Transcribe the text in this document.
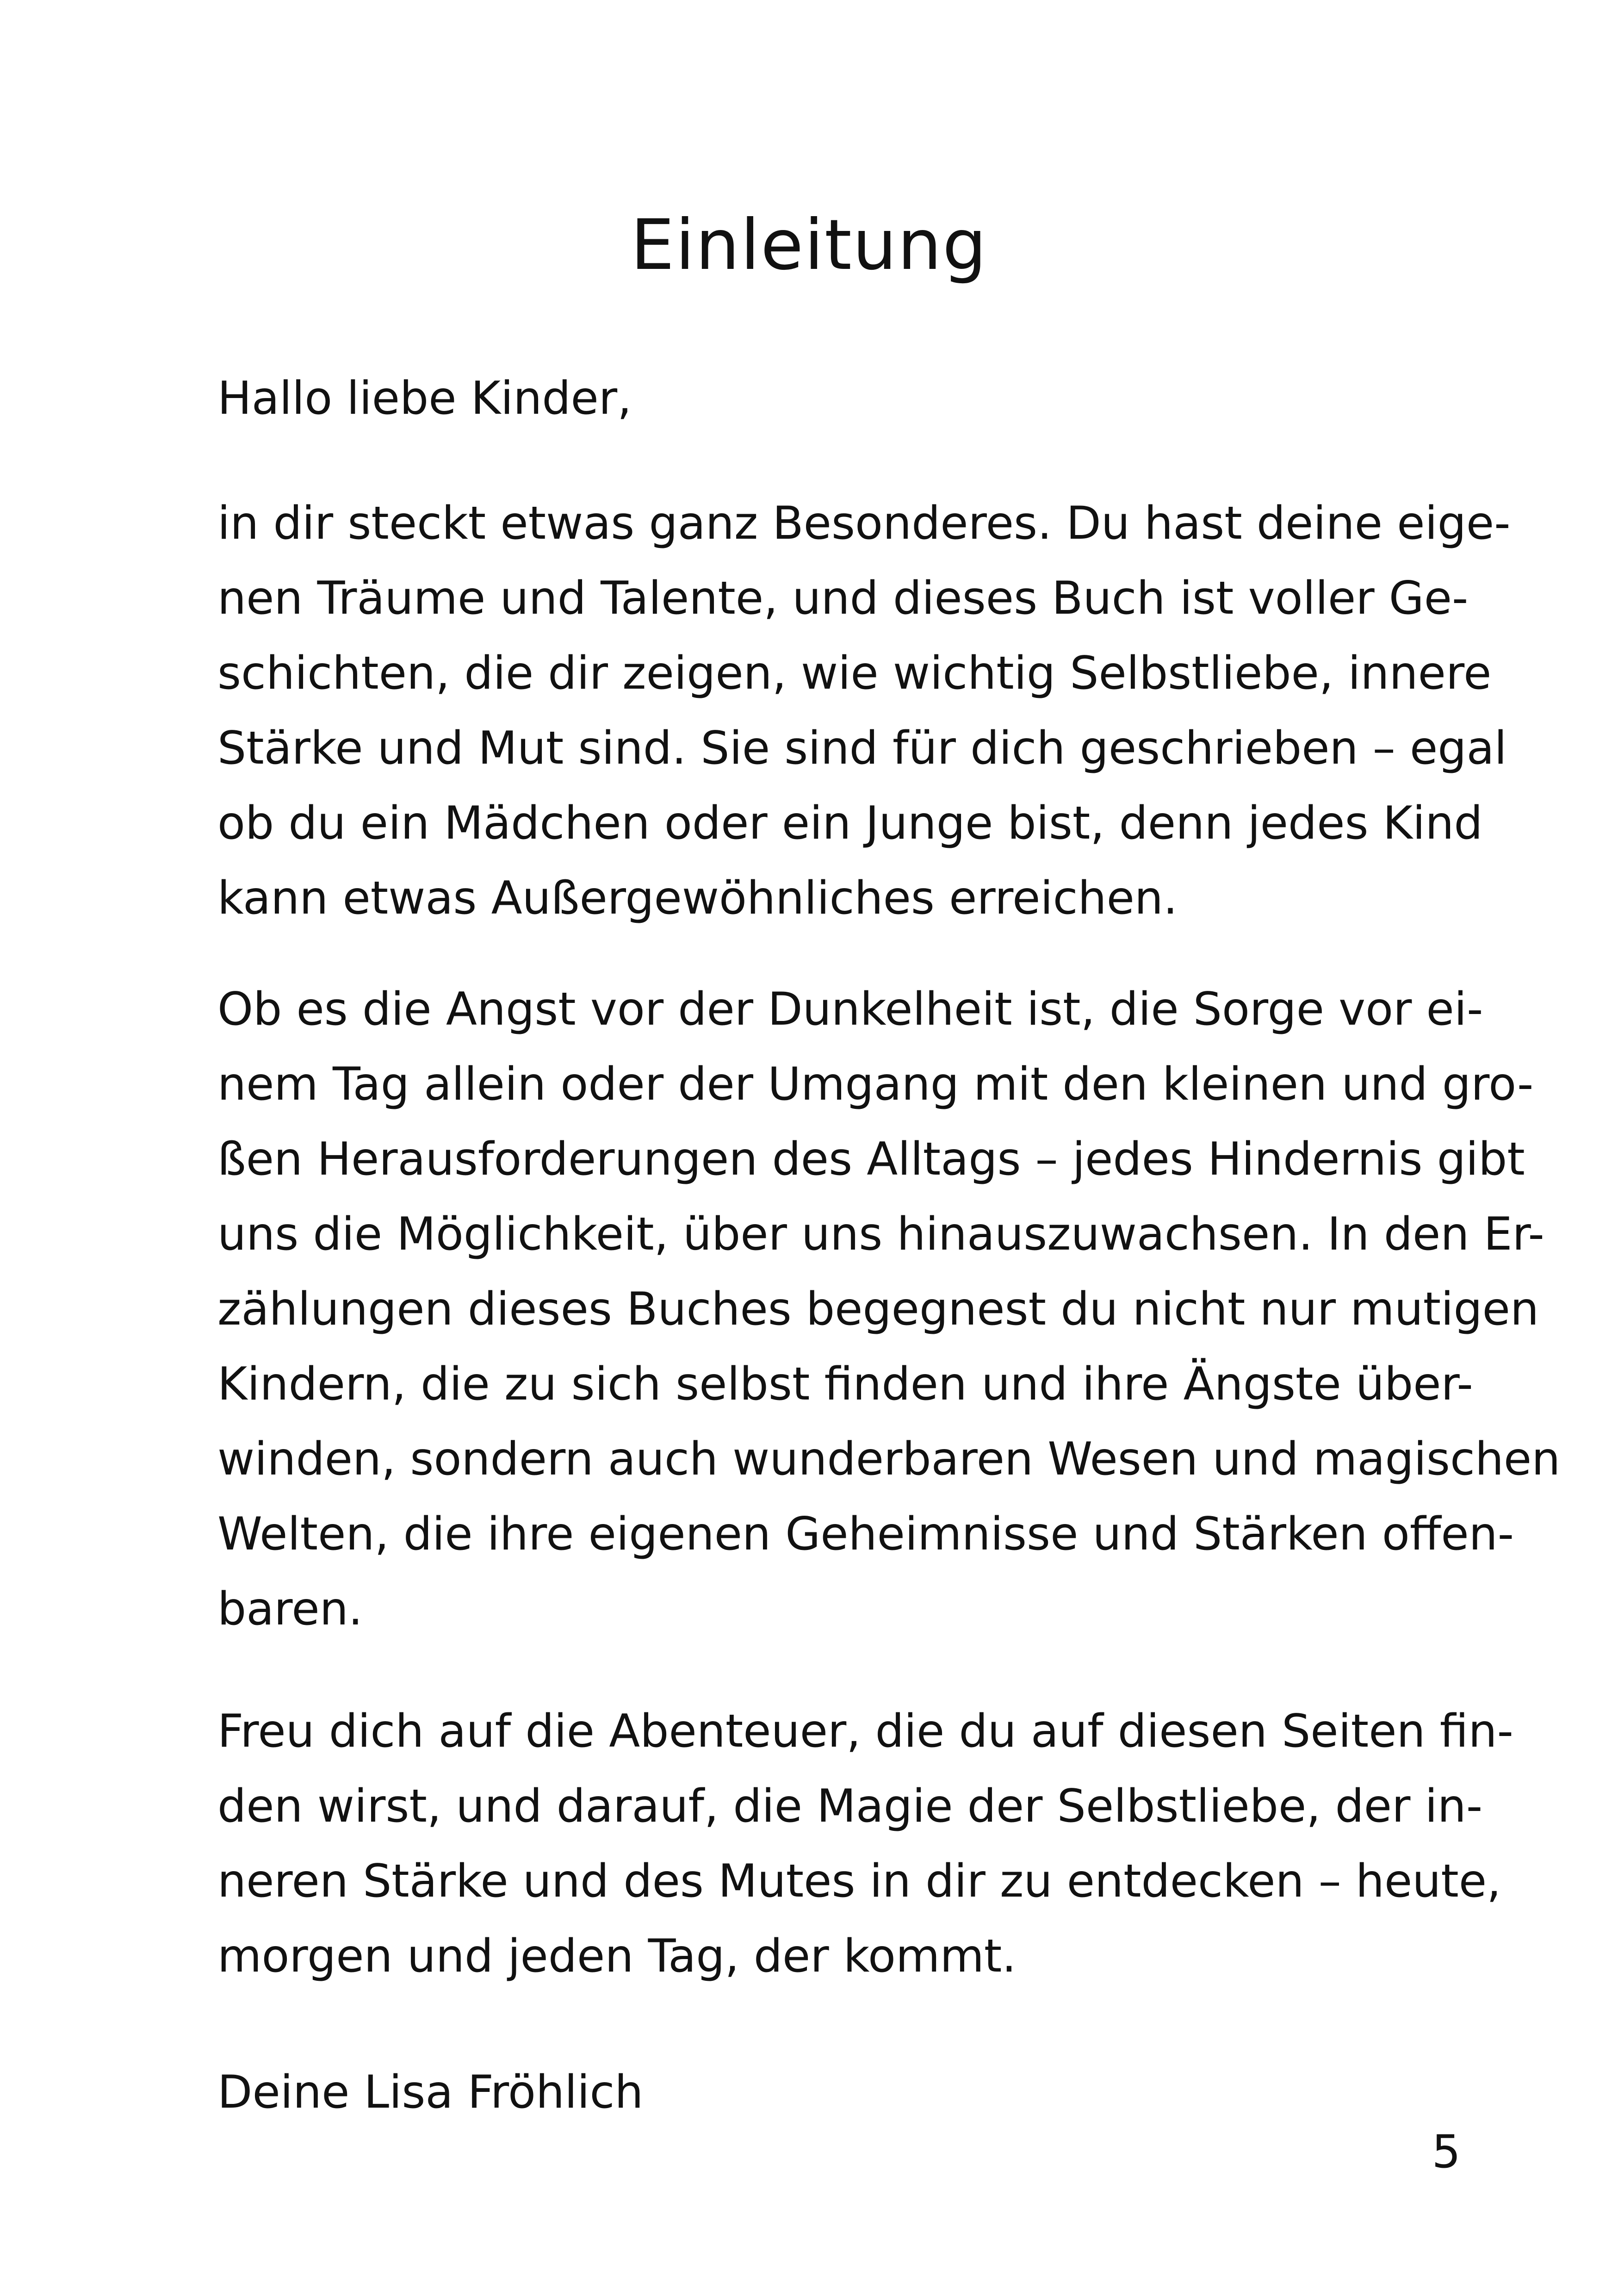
Einleitung

Hallo liebe Kinder,

in dir steckt etwas ganz Besonderes. Du hast deine eige-
nen Träume und Talente, und dieses Buch ist voller Ge-
schichten, die dir zeigen, wie wichtig Selbstliebe, innere
Stärke und Mut sind. Sie sind für dich geschrieben – egal
ob du ein Mädchen oder ein Junge bist, denn jedes Kind
kann etwas Außergewöhnliches erreichen.

Ob es die Angst vor der Dunkelheit ist, die Sorge vor ei-
nem Tag allein oder der Umgang mit den kleinen und gro-
ßen Herausforderungen des Alltags – jedes Hindernis gibt
uns die Möglichkeit, über uns hinauszuwachsen. In den Er-
zählungen dieses Buches begegnest du nicht nur mutigen
Kindern, die zu sich selbst finden und ihre Ängste über-
winden, sondern auch wunderbaren Wesen und magischen
Welten, die ihre eigenen Geheimnisse und Stärken offen-
baren.

Freu dich auf die Abenteuer, die du auf diesen Seiten fin-
den wirst, und darauf, die Magie der Selbstliebe, der in-
neren Stärke und des Mutes in dir zu entdecken – heute,
morgen und jeden Tag, der kommt.

Deine Lisa Fröhlich

5
